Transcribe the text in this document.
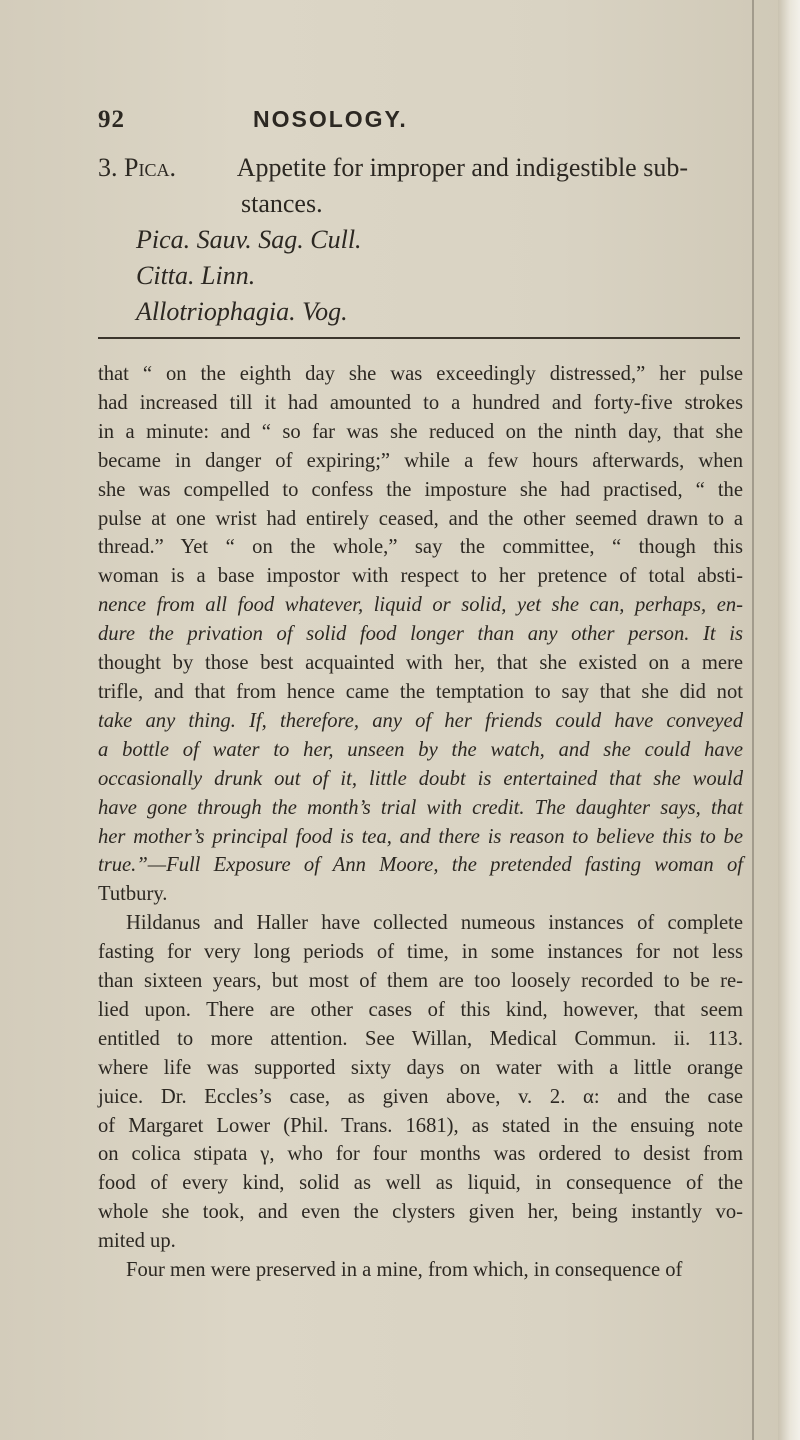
92	NOSOLOGY.
3. Pica. Appetite for improper and indigestible sub-
stances.
Pica. Sauv. Sag. Cull.
Citta. Linn.
Allotriophagia. Vog.

that “ on the eighth day she was exceedingly distressed,” her pulse

had increased till it had amounted to a hundred and forty-five strokes

in a minute: and “ so far was she reduced on the ninth day, that she

became in danger of expiring;” while a few hours afterwards, when

she was compelled to confess the imposture she had practised, “ the

pulse at one wrist had entirely ceased, and the other seemed drawn to a

thread.” Yet “ on the whole,” say the committee, “ though this

woman is a base impostor with respect to her pretence of total absti-

nence from all food whatever, liquid or solid, yet she can, perhaps, en-

dure the privation of solid food longer than any other person. It is

thought by those best acquainted with her, that she existed on a mere

trifle, and that from hence came the temptation to say that she did not

take any thing. If, therefore, any of her friends could have conveyed

a bottle of water to her, unseen by the watch, and she could have

occasionally drunk out of it, little doubt is entertained that she would

have gone through the month’s trial with credit. The daughter says, that

her mother’s principal food is tea, and there is reason to believe this to be

true.”—Full Exposure of Ann Moore, the pretended fasting woman of

Tutbury.

Hildanus and Haller have collected numeous instances of complete

fasting for very long periods of time, in some instances for not less

than sixteen years, but most of them are too loosely recorded to be re-

lied upon. There are other cases of this kind, however, that seem

entitled to more attention. See Willan, Medical Commun. ii. 113.

where life was supported sixty days on water with a little orange

juice. Dr. Eccles’s case, as given above, v. 2. α: and the case

of Margaret Lower (Phil. Trans. 1681), as stated in the ensuing note

on colica stipata γ, who for four months was ordered to desist from

food of every kind, solid as well as liquid, in consequence of the

whole she took, and even the clysters given her, being instantly vo-

mited up.

Four men were preserved in a mine, from which, in consequence of
